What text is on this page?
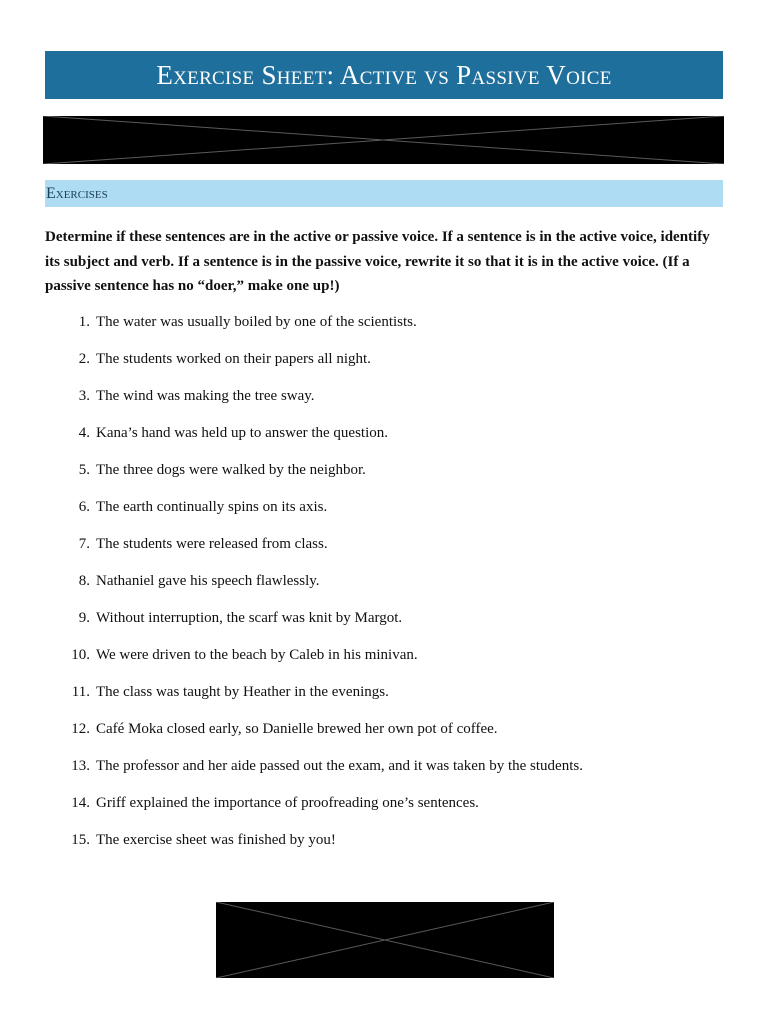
Exercise Sheet: Active vs Passive Voice
Exercises

Determine if these sentences are in the active or passive voice. If a sentence is in the active voice, identify its subject and verb. If a sentence is in the passive voice, rewrite it so that it is in the active voice. (If a passive sentence has no “doer,” make one up!)

1. The water was usually boiled by one of the scientists.
2. The students worked on their papers all night.
3. The wind was making the tree sway.
4. Kana’s hand was held up to answer the question.
5. The three dogs were walked by the neighbor.
6. The earth continually spins on its axis.
7. The students were released from class.
8. Nathaniel gave his speech flawlessly.
9. Without interruption, the scarf was knit by Margot.
10. We were driven to the beach by Caleb in his minivan.
11. The class was taught by Heather in the evenings.
12. Café Moka closed early, so Danielle brewed her own pot of coffee.
13. The professor and her aide passed out the exam, and it was taken by the students.
14. Griff explained the importance of proofreading one’s sentences.
15. The exercise sheet was finished by you!
